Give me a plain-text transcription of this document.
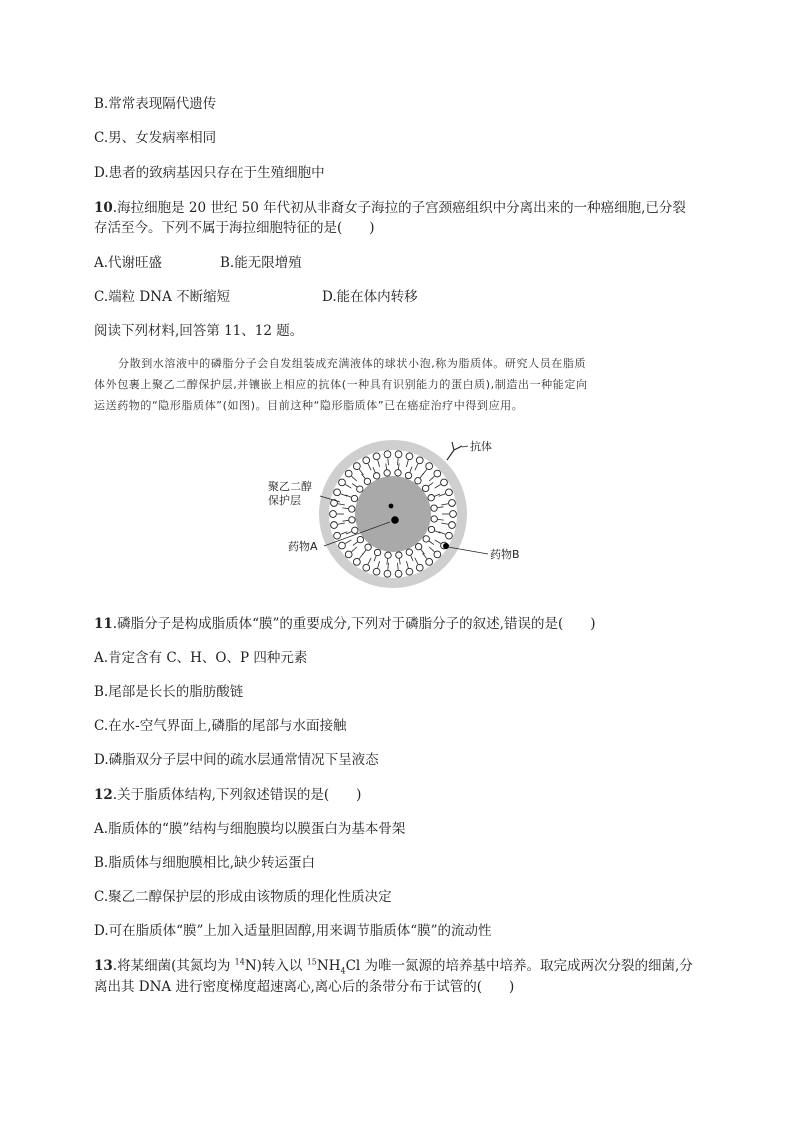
B.常常表现隔代遗传
C.男、女发病率相同
D.患者的致病基因只存在于生殖细胞中
10.海拉细胞是 20 世纪 50 年代初从非裔女子海拉的子宫颈癌组织中分离出来的一种癌细胞,已分裂
存活至今。下列不属于海拉细胞特征的是(　　)
A.代谢旺盛	B.能无限增殖
C.端粒 DNA 不断缩短	D.能在体内转移
阅读下列材料,回答第 11、12 题。
分散到水溶液中的磷脂分子会自发组装成充满液体的球状小泡,称为脂质体。研究人员在脂质
体外包裹上聚乙二醇保护层,并镶嵌上相应的抗体(一种具有识别能力的蛋白质),制造出一种能定向
运送药物的“隐形脂质体”(如图)。目前这种“隐形脂质体”已在癌症治疗中得到应用。
抗体
聚乙二醇
保护层
药物A
药物B
11.磷脂分子是构成脂质体“膜”的重要成分,下列对于磷脂分子的叙述,错误的是(　　)
A.肯定含有 C、H、O、P 四种元素
B.尾部是长长的脂肪酸链
C.在水-空气界面上,磷脂的尾部与水面接触
D.磷脂双分子层中间的疏水层通常情况下呈液态
12.关于脂质体结构,下列叙述错误的是(　　)
A.脂质体的“膜”结构与细胞膜均以膜蛋白为基本骨架
B.脂质体与细胞膜相比,缺少转运蛋白
C.聚乙二醇保护层的形成由该物质的理化性质决定
D.可在脂质体“膜”上加入适量胆固醇,用来调节脂质体“膜”的流动性
13.将某细菌(其氮均为 $^{14}$N)转入以 $^{15}NH_4Cl$ 为唯一氮源的培养基中培养。取完成两次分裂的细菌,分
离出其 DNA 进行密度梯度超速离心,离心后的条带分布于试管的(　　)
